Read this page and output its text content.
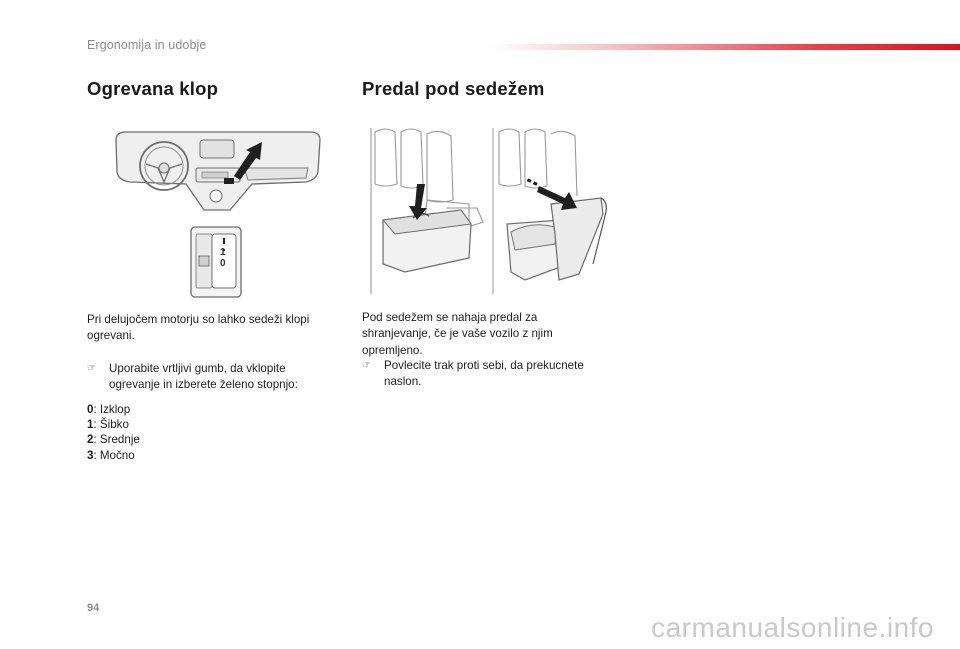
Ergonomija in udobje
Ogrevana klop	Predal pod sedežem
1
0
Pri delujočem motorju so lahko sedeži klopi ogrevani.
☞ Uporabite vrtljivi gumb, da vklopite ogrevanje in izberete želeno stopnjo:
0: Izklop
1: Šibko
2: Srednje
3: Močno
Pod sedežem se nahaja predal za shranjevanje, če je vaše vozilo z njim opremljeno.
☞ Povlecite trak proti sebi, da prekucnete naslon.
94
carmanualsonline.info
